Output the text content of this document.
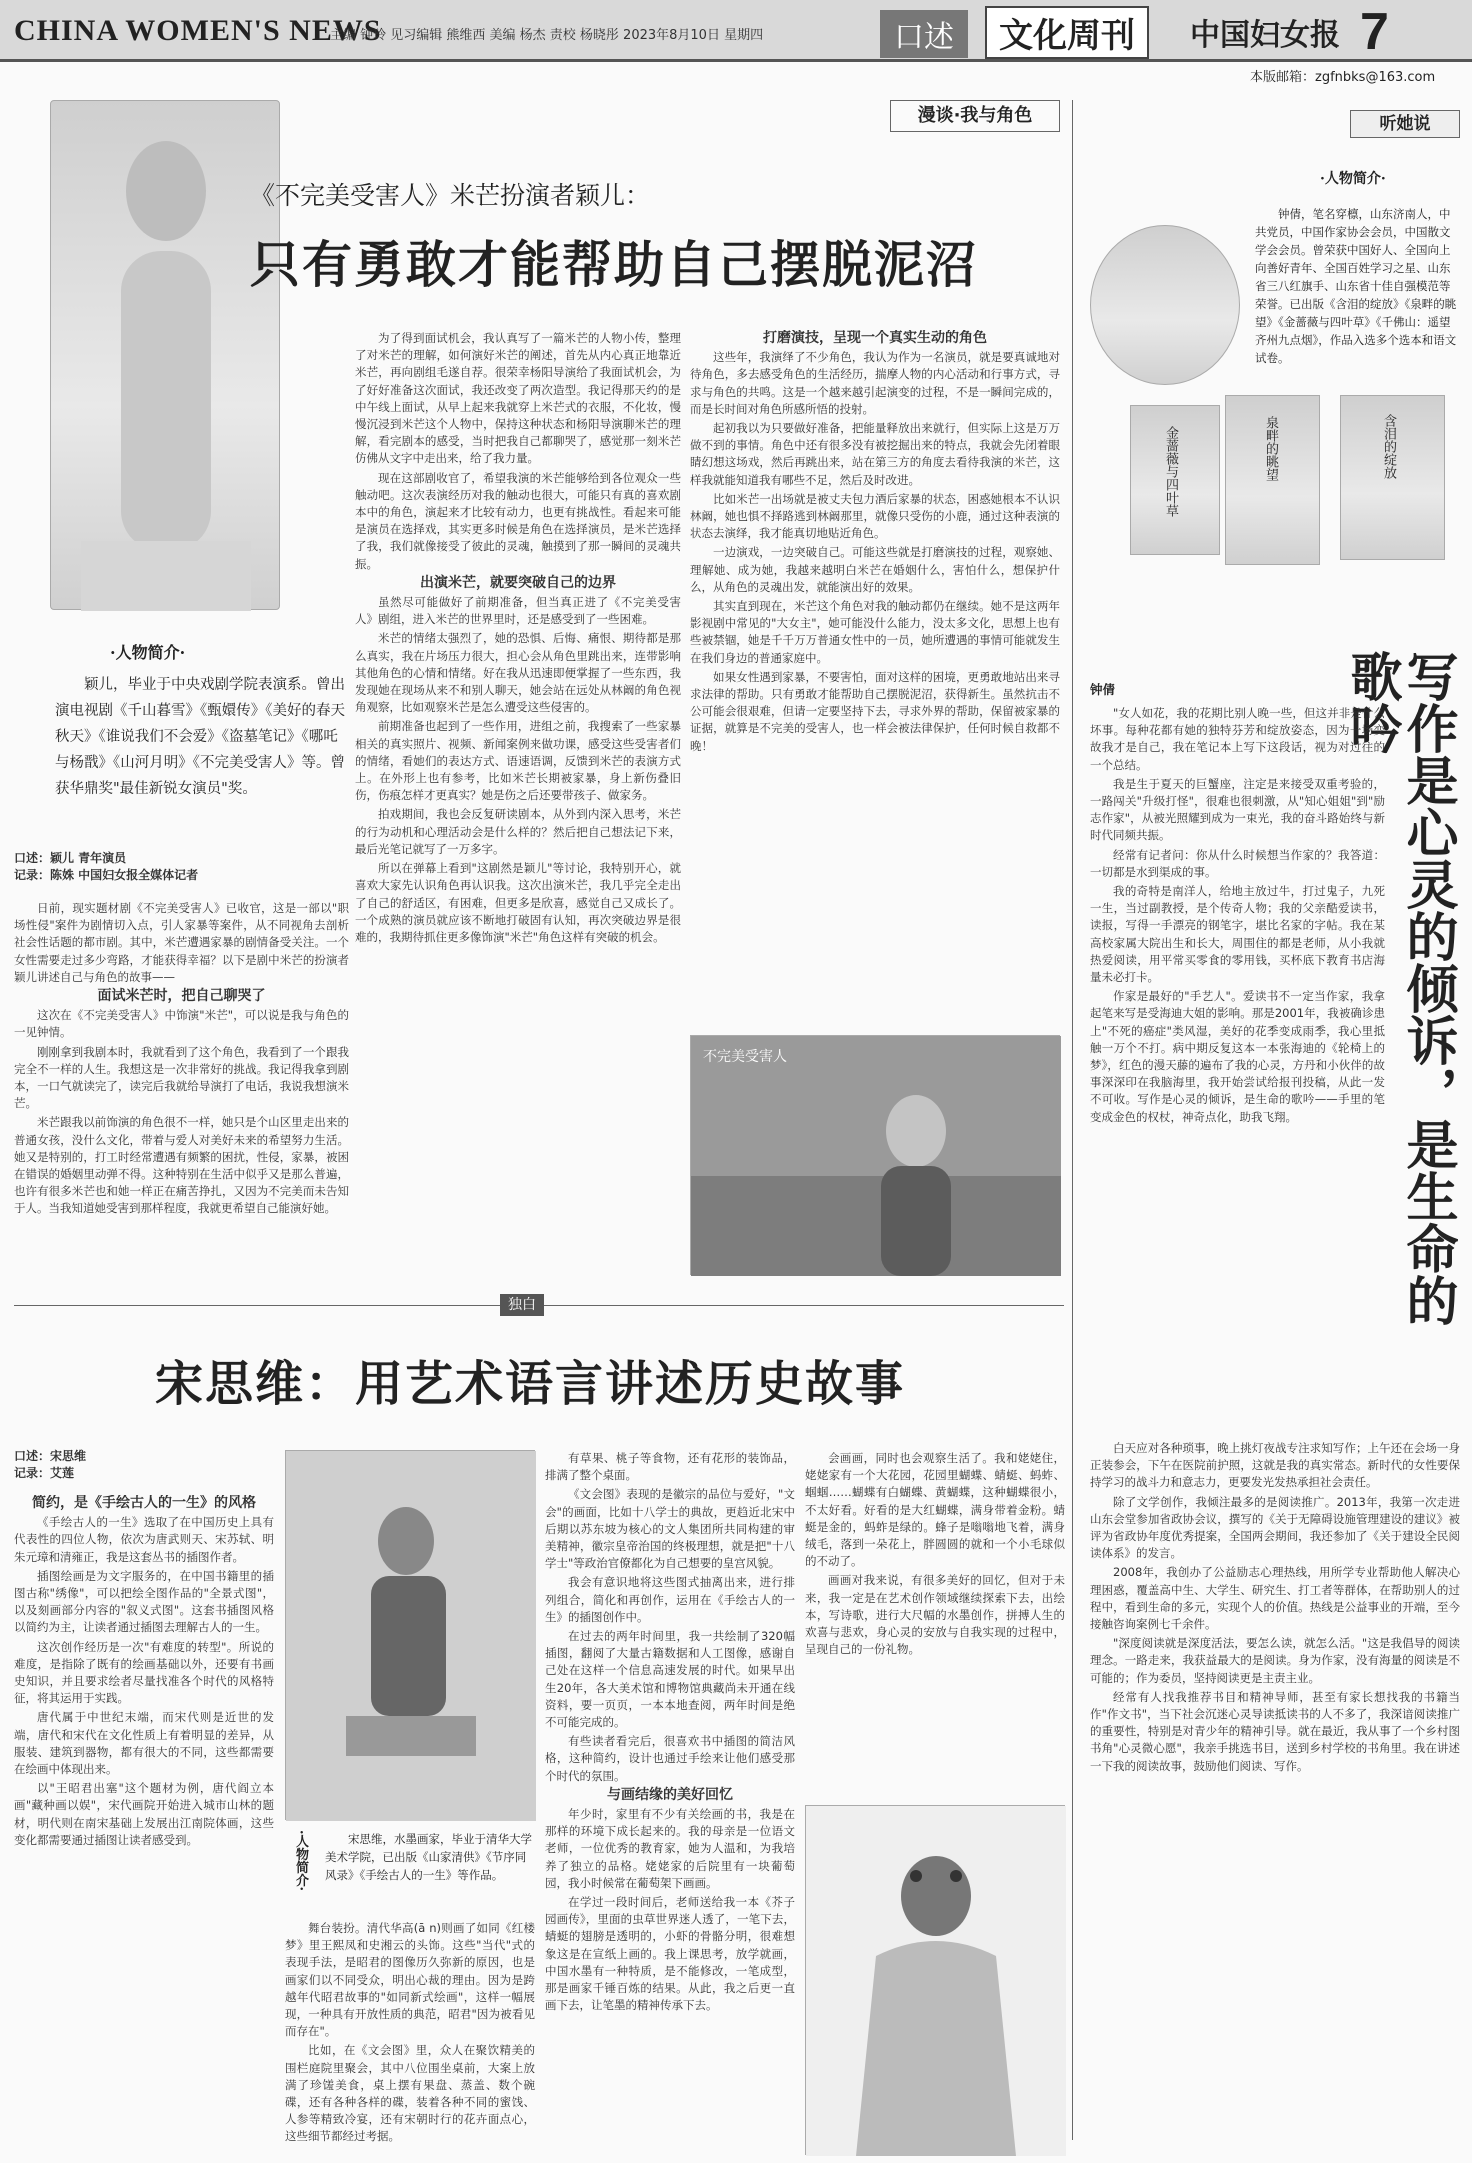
CHINA WOMEN'S NEWS
主编 钟玲 见习编辑 熊维西 美编 杨杰 责校 杨晓彤 2023年8月10日 星期四	口述	文化周刊	中国妇女报 7
本版邮箱：zgfnbks@163.com
漫谈·我与角色
《不完美受害人》米芒扮演者颖儿：
只有勇敢才能帮助自己摆脱泥沼
·人物简介·
颖儿，毕业于中央戏剧学院表演系。曾出演电视剧《千山暮雪》《甄嬛传》《美好的春天秋天》《谁说我们不会爱》《盗墓笔记》《哪吒与杨戬》《山河月明》《不完美受害人》等。曾获华鼎奖"最佳新锐女演员"奖。
口述：颖儿 青年演员
记录：陈姝 中国妇女报全媒体记者

日前，现实题材剧《不完美受害人》已收官，这是一部以"职场性侵"案件为剧情切入点，引人家暴等案件，从不同视角去剖析社会性话题的都市剧。其中，米芒遭遇家暴的剧情备受关注。一个女性需要走过多少弯路，才能获得幸福？以下是剧中米芒的扮演者颖儿讲述自己与角色的故事——

面试米芒时，把自己聊哭了

这次在《不完美受害人》中饰演"米芒"，可以说是我与角色的一见钟情。

刚刚拿到我剧本时，我就看到了这个角色，我看到了一个跟我完全不一样的人生。我想这是一次非常好的挑战。我记得我拿到剧本，一口气就读完了，读完后我就给导演打了电话，我说我想演米芒。

米芒跟我以前饰演的角色很不一样，她只是个山区里走出来的普通女孩，没什么文化，带着与爱人对美好未来的希望努力生活。她又是特别的，打工时经常遭遇有频繁的困扰，性侵，家暴，被困在错误的婚姻里动弹不得。这种特别在生活中似乎又是那么普遍，也许有很多米芒也和她一样正在痛苦挣扎，又因为不完美而未告知于人。当我知道她受害到那样程度，我就更希望自己能演好她。

为了得到面试机会，我认真写了一篇米芒的人物小传，整理了对米芒的理解，如何演好米芒的阐述，首先从内心真正地靠近米芒，再向剧组毛遂自荐。很荣幸杨阳导演给了我面试机会，为了好好准备这次面试，我还改变了两次造型。我记得那天约的是中午线上面试，从早上起来我就穿上米芒式的衣服，不化妆，慢慢沉浸到米芒这个人物中，保持这种状态和杨阳导演聊米芒的理解，看完剧本的感受，当时把我自己都聊哭了，感觉那一刻米芒仿佛从文字中走出来，给了我力量。

现在这部剧收官了，希望我演的米芒能够给到各位观众一些触动吧。这次表演经历对我的触动也很大，可能只有真的喜欢剧本中的角色，演起来才比较有动力，也更有挑战性。看起来可能是演员在选择戏，其实更多时候是角色在选择演员，是米芒选择了我，我们就像接受了彼此的灵魂，触摸到了那一瞬间的灵魂共振。

出演米芒，就要突破自己的边界

虽然尽可能做好了前期准备，但当真正进了《不完美受害人》剧组，进入米芒的世界里时，还是感受到了一些困难。

米芒的情绪太强烈了，她的恐惧、后悔、痛恨、期待都是那么真实，我在片场压力很大，担心会从角色里跳出来，连带影响其他角色的心情和情绪。好在我从迅速即便掌握了一些东西，我发现她在现场从来不和别人聊天，她会站在远处从林阚的角色视角观察，比如观察米芒是怎么遭受这些侵害的。

前期准备也起到了一些作用，进组之前，我搜索了一些家暴相关的真实照片、视频、新闻案例来做功课，感受这些受害者们的情绪，看她们的表达方式、语速语调，反馈到米芒的表演方式上。在外形上也有参考，比如米芒长期被家暴，身上新伤叠旧伤，伤痕怎样才更真实？她是伤之后还要带孩子、做家务。

拍戏期间，我也会反复研读剧本，从外到内深入思考，米芒的行为动机和心理活动会是什么样的？然后把自己想法记下来，最后光笔记就写了一万多字。

所以在弹幕上看到"这剧然是颖儿"等讨论，我特别开心，就喜欢大家先认识角色再认识我。这次出演米芒，我几乎完全走出了自己的舒适区，有困难，但更多是欣喜，感觉自己又成长了。一个成熟的演员就应该不断地打破固有认知，再次突破边界是很难的，我期待抓住更多像饰演"米芒"角色这样有突破的机会。

打磨演技，呈现一个真实生动的角色

这些年，我演绎了不少角色，我认为作为一名演员，就是要真诚地对待角色，多去感受角色的生活经历，揣摩人物的内心活动和行事方式，寻求与角色的共鸣。这是一个越来越引起演变的过程，不是一瞬间完成的，而是长时间对角色所感所悟的投射。

起初我以为只要做好准备，把能量释放出来就行，但实际上这是万万做不到的事情。角色中还有很多没有被挖掘出来的特点，我就会先闭着眼睛幻想这场戏，然后再跳出来，站在第三方的角度去看待我演的米芒，这样我就能知道我有哪些不足，然后及时改进。

比如米芒一出场就是被丈夫包力酒后家暴的状态，困惑她根本不认识林阚，她也惧不择路逃到林阚那里，就像只受伤的小鹿，通过这种表演的状态去演绎，我才能真切地贴近角色。

一边演戏，一边突破自己。可能这些就是打磨演技的过程，观察她、理解她、成为她，我越来越明白米芒在婚姻什么，害怕什么，想保护什么，从角色的灵魂出发，就能演出好的效果。

其实直到现在，米芒这个角色对我的触动都仍在继续。她不是这两年影视剧中常见的"大女主"，她可能没什么能力，没太多文化，思想上也有些被禁锢，她是千千万万普通女性中的一员，她所遭遇的事情可能就发生在我们身边的普通家庭中。

如果女性遇到家暴，不要害怕，面对这样的困境，更勇敢地站出来寻求法律的帮助。只有勇敢才能帮助自己摆脱泥沼，获得新生。虽然抗击不公可能会很艰难，但请一定要坚持下去，寻求外界的帮助，保留被家暴的证据，就算是不完美的受害人，也一样会被法律保护，任何时候自救都不晚！

不完美受害人
听她说
·人物简介·
钟倩，笔名穿檩，山东济南人，中共党员，中国作家协会会员，中国散文学会会员。曾荣获中国好人、全国向上向善好青年、全国百姓学习之星、山东省三八红旗手、山东省十佳自强模范等荣誉。已出版《含泪的绽放》《泉畔的眺望》《金蔷薇与四叶草》《千佛山：遥望齐州九点烟》，作品入选多个选本和语文试卷。
金蔷薇与四叶草	泉畔的眺望	含泪的绽放
钟倩	写作是心灵的倾诉，是生命的歌吟

"女人如花，我的花期比别人晚一些，但这并非是什么坏事。每种花都有她的独特芬芳和绽放姿态，因为一场变故我才是自己，我在笔记本上写下这段话，视为对过往的一个总结。

我是生于夏天的巨蟹座，注定是来接受双重考验的，一路闯关"升级打怪"，很难也很刺激，从"知心姐姐"到"励志作家"，从被光照耀到成为一束光，我的奋斗路始终与新时代同频共振。

经常有记者问：你从什么时候想当作家的？我答道：一切都是水到渠成的事。

我的奇特是南洋人，给地主放过牛，打过鬼子，九死一生，当过副教授，是个传奇人物；我的父亲酷爱读书，读报，写得一手漂亮的钢笔字，堪比名家的字帖。我在某高校家属大院出生和长大，周围住的都是老师，从小我就热爱阅读，用平常买零食的零用钱，买杯底下教育书店海量未必打卡。

作家是最好的"手艺人"。爱读书不一定当作家，我拿起笔来写是受海迪大姐的影响。那是2001年，我被确诊患上"不死的癌症"类风湿，美好的花季变成雨季，我心里抵触一万个不打。病中期反复这本一本张海迪的《轮椅上的梦》，红色的漫天藤的遍布了我的心灵，方丹和小伙伴的故事深深印在我脑海里，我开始尝试给报刊投稿，从此一发不可收。写作是心灵的倾诉，是生命的歌吟——手里的笔变成金色的权杖，神奇点化，助我飞翔。

白天应对各种琐事，晚上挑灯夜战专注求知写作；上午还在会场一身正装参会，下午在医院前护照，这就是我的真实常态。新时代的女性要保持学习的战斗力和意志力，更要发光发热承担社会责任。

除了文学创作，我倾注最多的是阅读推广。2013年，我第一次走进山东会堂参加省政协会议，撰写的《关于无障碍设施管理建设的建议》被评为省政协年度优秀提案，全国两会期间，我还参加了《关于建设全民阅读体系》的发言。

2008年，我创办了公益励志心理热线，用所学专业帮助他人解决心理困惑，覆盖高中生、大学生、研究生、打工者等群体，在帮助别人的过程中，看到生命的多元，实现个人的价值。热线是公益事业的开端，至今接触咨询案例七千余件。

"深度阅读就是深度活法，要怎么读，就怎么活。"这是我倡导的阅读理念。一路走来，我获益最大的是阅读。身为作家，没有海量的阅读是不可能的；作为委员，坚持阅读更是主责主业。

经常有人找我推荐书目和精神导师，甚至有家长想找我的书籍当作"作文书"，当下社会沉迷心灵导读抵读书的人不多了，我深谙阅读推广的重要性，特别是对青少年的精神引导。就在最近，我从事了一个乡村图书角"心灵微心愿"，我亲手挑选书目，送到乡村学校的书角里。我在讲述一下我的阅读故事，鼓励他们阅读、写作。

独白
宋思维：用艺术语言讲述历史故事
口述：宋思维
记录：艾莲

简约，是《手绘古人的一生》的风格

《手绘古人的一生》选取了在中国历史上具有代表性的四位人物，依次为唐武则天、宋苏轼、明朱元璋和清雍正，我是这套丛书的插图作者。

插图绘画是为文字服务的，在中国书籍里的插图古称"绣像"，可以把绘全图作品的"全景式图"，以及刻画部分内容的"叙义式图"。这套书插图风格以简约为主，让读者通过插图去理解古人的一生。

这次创作经历是一次"有难度的转型"。所说的难度，是指除了既有的绘画基础以外，还要有书画史知识，并且要求绘者尽量找准各个时代的风格特征，将其运用于实践。

唐代属于中世纪末端，而宋代则是近世的发端，唐代和宋代在文化性质上有着明显的差异，从服装、建筑到器物，都有很大的不同，这些都需要在绘画中体现出来。

以"王昭君出塞"这个题材为例，唐代阎立本画"藏种画以娱"，宋代画院开始进入城市山林的题材，明代则在南宋基础上发展出江南院体画，这些变化都需要通过插图让读者感受到。	·人物简介·	宋思维，水墨画家，毕业于清华大学美术学院，已出版《山家清供》《节序同风录》《手绘古人的一生》等作品。

舞台装扮。清代华高(ā n)则画了如同《红楼梦》里王熙凤和史湘云的头饰。这些"当代"式的表现手法，是昭君的图像历久弥新的原因，也是画家们以不同受众，明出心裁的理由。因为是跨越年代昭君故事的"如同新式绘画"，这样一幅展现，一种具有开放性质的典范，昭君"因为被看见而存在"。

比如，在《文会图》里，众人在聚饮精美的围栏庭院里聚会，其中八位围坐桌前，大案上放满了珍馐美食，桌上摆有果盘、蒸盖、数个碗碟，还有各种各样的碟，装着各种不同的蜜饯、人参等精致冷宴，还有宋朝时行的花卉面点心，这些细节都经过考据。

有草果、桃子等食物，还有花形的装饰品，排满了整个桌面。

《文会图》表现的是徽宗的品位与爱好，"文会"的画面，比如十八学士的典故，更趋近北宋中后期以苏东坡为核心的文人集团所共同构建的审美精神，徽宗皇帝治国的终极理想，就是把"十八学士"等政治官僚都化为自己想要的皇宫风貌。

我会有意识地将这些图式抽离出来，进行排列组合，简化和再创作，运用在《手绘古人的一生》的插图创作中。

在过去的两年时间里，我一共绘制了320幅插图，翻阅了大量古籍数据和人工图像，感谢自己处在这样一个信息高速发展的时代。如果早出生20年，各大美术馆和博物馆典藏尚未开通在线资料，要一页页，一本本地查阅，两年时间是绝不可能完成的。

有些读者看完后，很喜欢书中插图的简洁风格，这种简约，设计也通过手绘来让他们感受那个时代的氛围。

与画结缘的美好回忆

年少时，家里有不少有关绘画的书，我是在那样的环境下成长起来的。我的母亲是一位语文老师，一位优秀的教育家，她为人温和，为我培养了独立的品格。姥姥家的后院里有一块葡萄园，我小时候常在葡萄架下画画。

在学过一段时间后，老师送给我一本《芥子园画传》，里面的虫草世界迷人透了，一笔下去，蜻蜓的翅膀是透明的，小虾的骨骼分明，很难想象这是在宣纸上画的。我上课思考，放学就画，中国水墨有一种特质，是不能修改，一笔成型，那是画家千锤百炼的结果。从此，我之后更一直画下去，让笔墨的精神传承下去。

会画画，同时也会观察生活了。我和姥姥住，姥姥家有一个大花园，花园里蝴蝶、蜻蜓、蚂蚱、蝈蝈……蝴蝶有白蝴蝶、黄蝴蝶，这种蝴蝶很小，不太好看。好看的是大红蝴蝶，满身带着金粉。蜻蜓是金的，蚂蚱是绿的。蜂子是嗡嗡地飞着，满身绒毛，落到一朵花上，胖圆圆的就和一个小毛球似的不动了。

画画对我来说，有很多美好的回忆，但对于未来，我一定是在艺术创作领域继续探索下去，出绘本，写诗歌，进行大尺幅的水墨创作，拼搏人生的欢喜与悲欢，身心灵的安放与自我实现的过程中，呈现自己的一份礼物。
